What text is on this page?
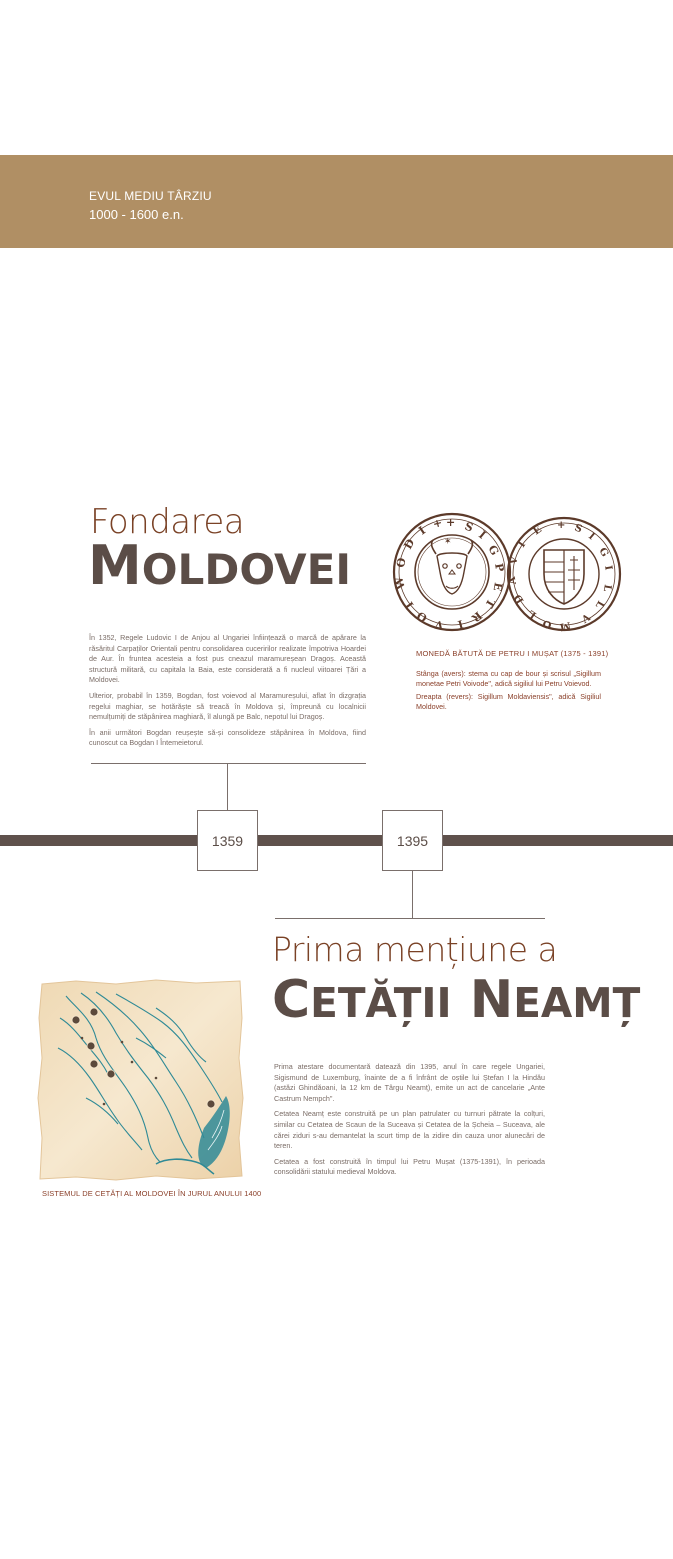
EVUL MEDIU TÂRZIU
1000 - 1600 e.n.
Fondarea
MOLDOVEI

În 1352, Regele Ludovic I de Anjou al Ungariei înființează o marcă de apărare la răsăritul Carpaților Orientali pentru consolidarea cuceririlor realizate împotriva Hoardei de Aur. În fruntea acesteia a fost pus cneazul maramureșean Dragoș. Această structură militară, cu capitala la Baia, este considerată a fi nucleul viitoarei Țări a Moldovei.

Ulterior, probabil în 1359, Bogdan, fost voievod al Maramureșului, aflat în dizgrația regelui maghiar, se hotărăște să treacă în Moldova și, împreună cu localnicii nemulțumiți de stăpânirea maghiară, îl alungă pe Balc, nepotul lui Dragoș.

În anii următori Bogdan reușește să-și consolideze stăpânirea în Moldova, fiind cunoscut ca Bogdan I Întemeietorul.

✶
+ S
I
G
P
E
T
R
I
V
O
I
W
O
D
I +	+ S
I
G
I
L
L
V
M
O
L
D
A
V
I
E
MONEDĂ BĂTUTĂ DE PETRU I MUȘAT (1375 - 1391)

Stânga (avers): stema cu cap de bour și scrisul „Sigillum monetae Petri Voivode", adică sigiliul lui Petru Voievod.

Dreapta (revers): Sigillum Moldaviensis", adică Sigiliul Moldovei.

1359	1395
Prima mențiune a
CETĂȚII NEAMȚ

Prima atestare documentară datează din 1395, anul în care regele Ungariei, Sigismund de Luxemburg, înainte de a fi înfrânt de oștile lui Ștefan I la Hindău (astăzi Ghindăoani, la 12 km de Târgu Neamț), emite un act de cancelarie „Ante Castrum Nempch".

Cetatea Neamț este construită pe un plan patrulater cu turnuri pătrate la colțuri, similar cu Cetatea de Scaun de la Suceava și Cetatea de la Șcheia – Suceava, ale cărei ziduri s-au demantelat la scurt timp de la zidire din cauza unor alunecări de teren.

Cetatea a fost construită în timpul lui Petru Mușat (1375-1391), în perioada consolidării statului medieval Moldova.

SISTEMUL DE CETĂȚI AL MOLDOVEI ÎN JURUL ANULUI 1400
